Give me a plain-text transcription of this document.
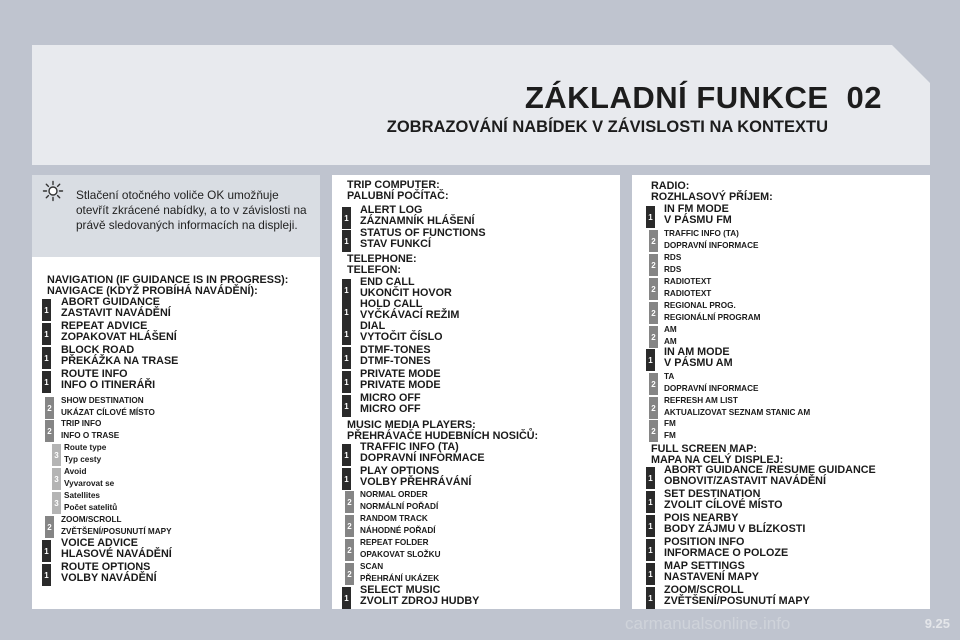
ZÁKLADNÍ FUNKCE 02
ZOBRAZOVÁNÍ NABÍDEK V ZÁVISLOSTI NA KONTEXTU
Stlačení otočného voliče OK umožňuje otevřít zkrácené nabídky, a to v závislosti na právě sledovaných informacích na displeji.
NAVIGATION (IF GUIDANCE IS IN PROGRESS):
NAVIGACE (KDYŽ PROBÍHÁ NAVÁDĚNÍ):
1
ABORT GUIDANCE
ZASTAVIT NAVÁDĚNÍ
1
REPEAT ADVICE
ZOPAKOVAT HLÁŠENÍ
1
BLOCK ROAD
PŘEKÁŽKA NA TRASE
1
ROUTE INFO
INFO O ITINERÁŘI
2
SHOW DESTINATION
UKÁZAT CÍLOVÉ MÍSTO
2
TRIP INFO
INFO O TRASE
3
Route type
Typ cesty
3
Avoid
Vyvarovat se
3
Satellites
Počet satelitů
2
ZOOM/SCROLL
ZVĚTŠENÍ/POSUNUTÍ MAPY
1
VOICE ADVICE
HLASOVÉ NAVÁDĚNÍ
1
ROUTE OPTIONS
VOLBY NAVÁDĚNÍ
TRIP COMPUTER:
PALUBNÍ POČÍTAČ:
1
ALERT LOG
ZÁZNAMNÍK HLÁŠENÍ
1
STATUS OF FUNCTIONS
STAV FUNKCÍ
TELEPHONE:
TELEFON:
1
END CALL
UKONČIT HOVOR
1
HOLD CALL
VYČKÁVACÍ REŽIM
1
DIAL
VYTOČIT ČÍSLO
1
DTMF-TONES
DTMF-TONES
1
PRIVATE MODE
PRIVATE MODE
1
MICRO OFF
MICRO OFF
MUSIC MEDIA PLAYERS:
PŘEHRÁVAČE HUDEBNÍCH NOSIČŮ:
1
TRAFFIC INFO (TA)
DOPRAVNÍ INFORMACE
1
PLAY OPTIONS
VOLBY PŘEHRÁVÁNÍ
2
NORMAL ORDER
NORMÁLNÍ POŘADÍ
2
RANDOM TRACK
NÁHODNÉ POŘADÍ
2
REPEAT FOLDER
OPAKOVAT SLOŽKU
2
SCAN
PŘEHRÁNÍ UKÁZEK
1
SELECT MUSIC
ZVOLIT ZDROJ HUDBY
RADIO:
ROZHLASOVÝ PŘÍJEM:
1
IN FM MODE
V PÁSMU FM
2
TRAFFIC INFO (TA)
DOPRAVNÍ INFORMACE
2
RDS
RDS
2
RADIOTEXT
RADIOTEXT
2
REGIONAL PROG.
REGIONÁLNÍ PROGRAM
2
AM
AM
1
IN AM MODE
V PÁSMU AM
2
TA
DOPRAVNÍ INFORMACE
2
REFRESH AM LIST
AKTUALIZOVAT SEZNAM STANIC AM
2
FM
FM
FULL SCREEN MAP:
MAPA NA CELÝ DISPLEJ:
1
ABORT GUIDANCE /RESUME GUIDANCE
OBNOVIT/ZASTAVIT NAVÁDĚNÍ
1
SET DESTINATION
ZVOLIT CÍLOVÉ MÍSTO
1
POIS NEARBY
BODY ZÁJMU V BLÍZKOSTI
1
POSITION INFO
INFORMACE O POLOZE
1
MAP SETTINGS
NASTAVENÍ MAPY
1
ZOOM/SCROLL
ZVĚTŠENÍ/POSUNUTÍ MAPY
carmanualsonline.info	9.25
